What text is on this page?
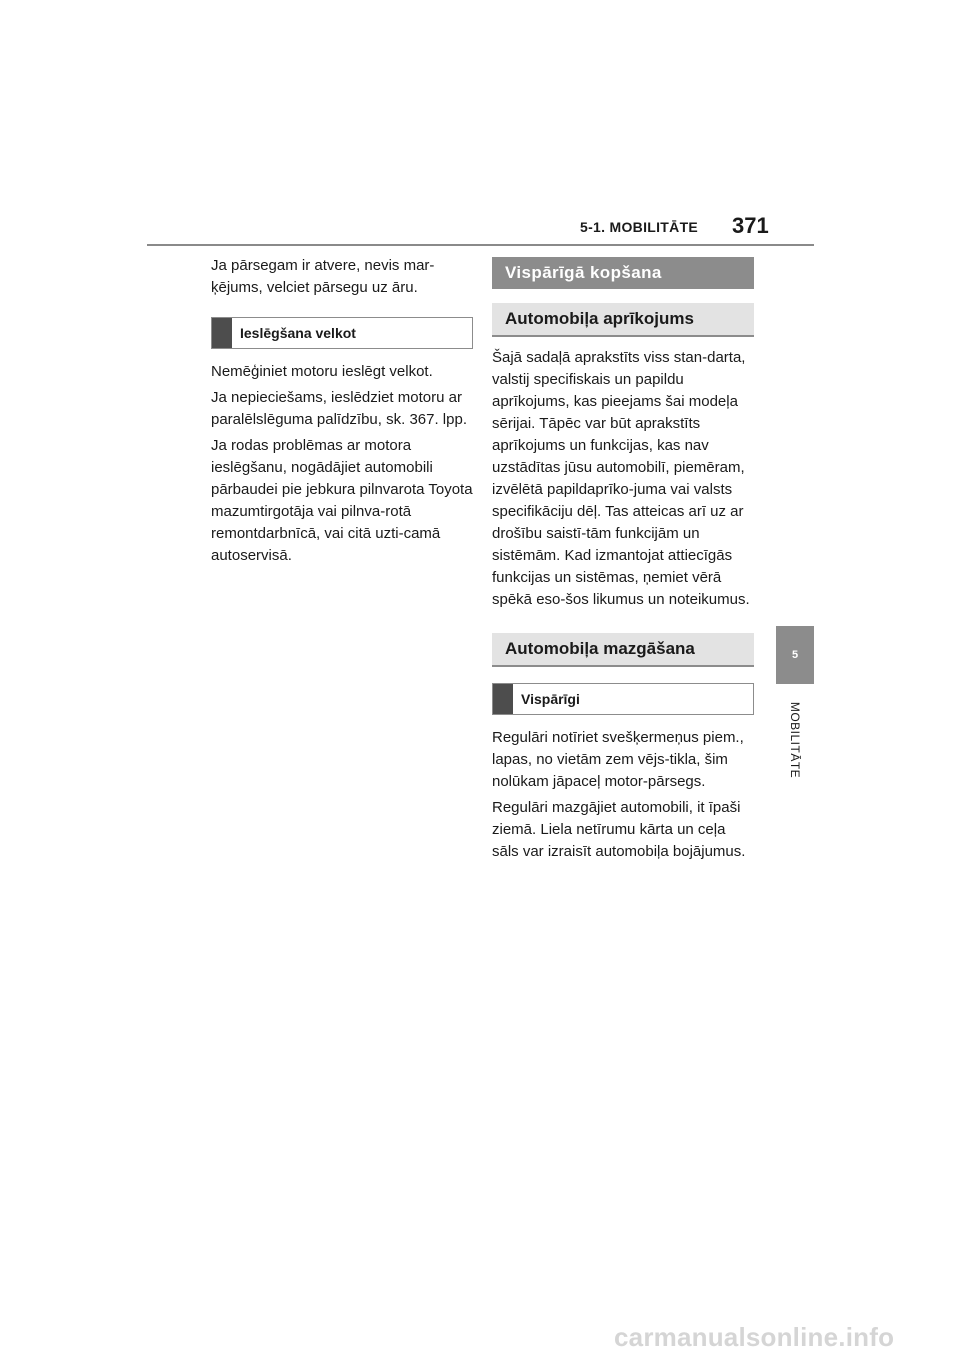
5-1. MOBILITĀTE 371

Ja pārsegam ir atvere, nevis mar-ķējums, velciet pārsegu uz āru.

Ieslēgšana velkot

Nemēģiniet motoru ieslēgt velkot.

Ja nepieciešams, ieslēdziet motoru ar paralēlslēguma palīdzību, sk. 367. lpp.

Ja rodas problēmas ar motora ieslēgšanu, nogādājiet automobili pārbaudei pie jebkura pilnvarota Toyota mazumtirgotāja vai pilnva-rotā remontdarbnīcā, vai citā uzti-camā autoservisā.

Vispārīgā kopšana
Automobiļa aprīkojums

Šajā sadaļā aprakstīts viss stan-darta, valstij specifiskais un papildu aprīkojums, kas pieejams šai modeļa sērijai. Tāpēc var būt aprakstīts aprīkojums un funkcijas, kas nav uzstādītas jūsu automobilī, piemēram, izvēlētā papildaprīko-juma vai valsts specifikāciju dēļ. Tas atteicas arī uz ar drošību saistī-tām funkcijām un sistēmām. Kad izmantojat attiecīgās funkcijas un sistēmas, ņemiet vērā spēkā eso-šos likumus un noteikumus.

Automobiļa mazgāšana
Vispārīgi

Regulāri notīriet svešķermeņus piem., lapas, no vietām zem vējs-tikla, šim nolūkam jāpaceļ motor-pārsegs.

Regulāri mazgājiet automobili, it īpaši ziemā. Liela netīrumu kārta un ceļa sāls var izraisīt automobiļa bojājumus.

5
MOBILITĀTE
carmanualsonline.info
